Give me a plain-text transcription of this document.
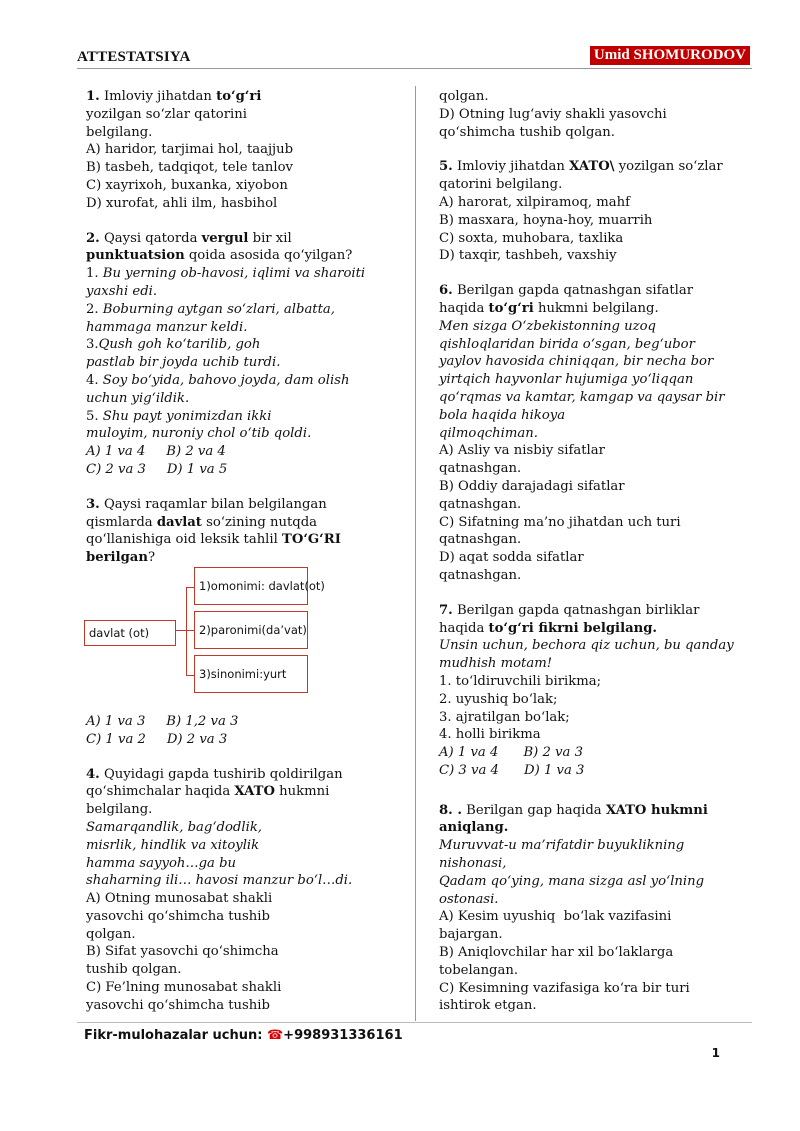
ATTESTATSIYA	Umid SHOMURODOV
1. Imloviy jihatdan to‘g‘ri
yozilgan so‘zlar qatorini
belgilang.
A) haridor, tarjimai hol, taajjub
B) tasbeh, tadqiqot, tele tanlov
C) xayrixoh, buxanka, xiyobon
D) xurofat, ahli ilm, hasbihol
2. Qaysi qatorda vergul bir xil
punktuatsion qoida asosida qo‘yilgan?
1. Bu yerning ob-havosi, iqlimi va sharoiti
yaxshi edi.
2. Boburning aytgan so‘zlari, albatta,
hammaga manzur keldi.
3.Qush goh ko‘tarilib, goh
pastlab bir joyda uchib turdi.
4. Soy bo‘yida, bahovo joyda, dam olish
uchun yig‘ildik.
5. Shu payt yonimizdan ikki
muloyim, nuroniy chol o‘tib qoldi.
A) 1 va 4     B) 2 va 4
C) 2 va 3     D) 1 va 5
3. Qaysi raqamlar bilan belgilangan
qismlarda davlat so‘zining nutqda
qo‘llanishiga oid leksik tahlil TO‘G‘RI
berilgan?
davlat (ot)
1)omonimi: davlat(ot)
2)paronimi(da’vat)
3)sinonimi:yurt
A) 1 va 3     B) 1,2 va 3
C) 1 va 2     D) 2 va 3
4. Quyidagi gapda tushirib qoldirilgan
qo‘shimchalar haqida XATO hukmni
belgilang.
Samarqandlik, bag‘dodlik,
misrlik, hindlik va xitoylik
hamma sayyoh…ga bu
shaharning ili… havosi manzur bo‘l…di.
A) Otning munosabat shakli
yasovchi qo‘shimcha tushib
qolgan.
B) Sifat yasovchi qo‘shimcha
tushib qolgan.
C) Fe’lning munosabat shakli
yasovchi qo‘shimcha tushib
qolgan.
D) Otning lug‘aviy shakli yasovchi
qo‘shimcha tushib qolgan.
5. Imloviy jihatdan XATO\ yozilgan so‘zlar
qatorini belgilang.
A) harorat, xilpiramoq, mahf
B) masxara, hoyna-hoy, muarrih
C) soxta, muhobara, taxlika
D) taxqir, tashbeh, vaxshiy
6. Berilgan gapda qatnashgan sifatlar
haqida to‘g‘ri hukmni belgilang.
Men sizga O‘zbekistonning uzoq
qishloqlaridan birida o‘sgan, beg‘ubor
yaylov havosida chiniqqan, bir necha bor
yirtqich hayvonlar hujumiga yo‘liqqan
qo‘rqmas va kamtar, kamgap va qaysar bir
bola haqida hikoya
qilmoqchiman.
A) Asliy va nisbiy sifatlar
qatnashgan.
B) Oddiy darajadagi sifatlar
qatnashgan.
C) Sifatning ma’no jihatdan uch turi
qatnashgan.
D) aqat sodda sifatlar
qatnashgan.
7. Berilgan gapda qatnashgan birliklar
haqida to‘g‘ri fikrni belgilang.
Unsin uchun, bechora qiz uchun, bu qanday
mudhish motam!
1. to‘ldiruvchili birikma;
2. uyushiq bo‘lak;
3. ajratilgan bo‘lak;
4. holli birikma
A) 1 va 4      B) 2 va 3
C) 3 va 4      D) 1 va 3
8. . Berilgan gap haqida XATO hukmni
aniqlang.
Muruvvat-u ma’rifatdir buyuklikning
nishonasi,
Qadam qo‘ying, mana sizga asl yo‘lning
ostonasi.
A) Kesim uyushiq  bo‘lak vazifasini
bajargan.
B) Aniqlovchilar har xil bo‘laklarga
tobelangan.
C) Kesimning vazifasiga ko‘ra bir turi
ishtirok etgan.
Fikr-mulohazalar uchun: ☎+998931336161
1
